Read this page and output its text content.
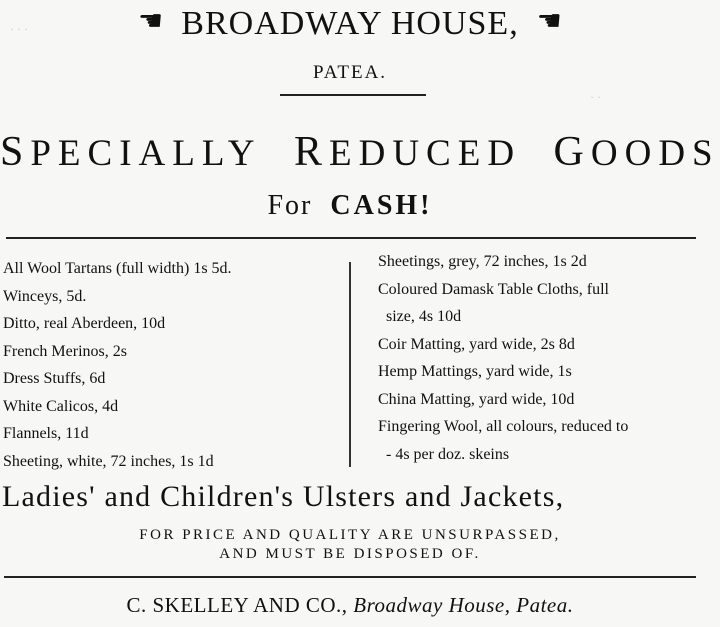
· · ·
· ·
☛ BROADWAY HOUSE, ☚
PATEA.
SPECIALLY REDUCED GOODS
For CASH!
All Wool Tartans (full width) 1s 5d.
Winceys, 5d.
Ditto, real Aberdeen, 10d
French Merinos, 2s
Dress Stuffs, 6d
White Calicos, 4d
Flannels, 11d
Sheeting, white, 72 inches, 1s 1d
Sheetings, grey, 72 inches, 1s 2d
Coloured Damask Table Cloths, full
size, 4s 10d
Coir Matting, yard wide, 2s 8d
Hemp Mattings, yard wide, 1s
China Matting, yard wide, 10d
Fingering Wool, all colours, reduced to
- 4s per doz. skeins
Ladies' and Children's Ulsters and Jackets,
FOR PRICE AND QUALITY ARE UNSURPASSED,
AND MUST BE DISPOSED OF.
C. SKELLEY AND CO., Broadway House, Patea.
